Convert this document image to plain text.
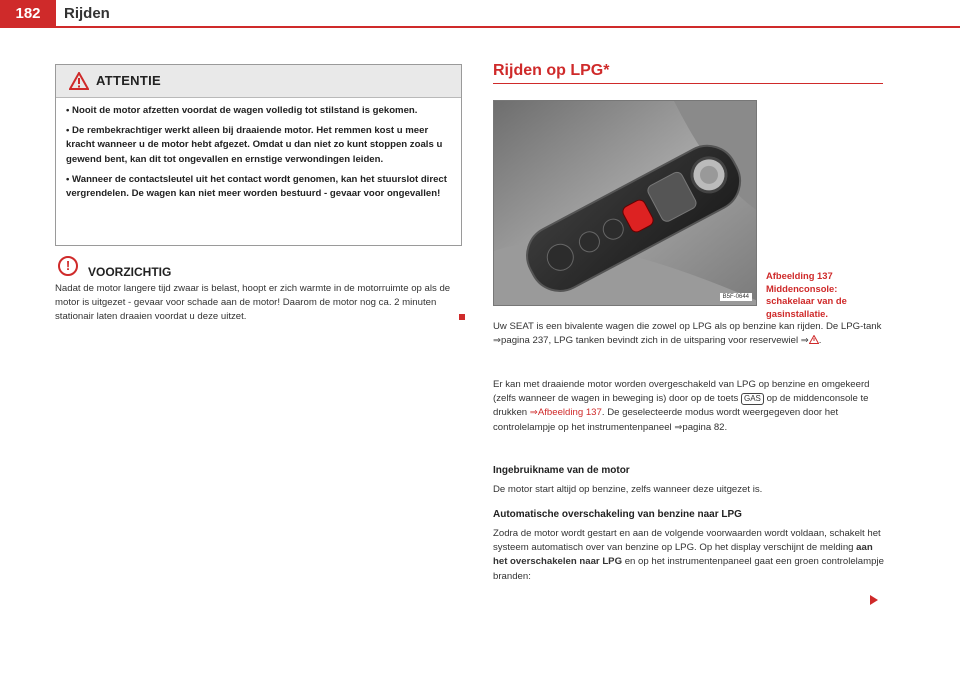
182	Rijden
ATTENTIE
• Nooit de motor afzetten voordat de wagen volledig tot stilstand is gekomen.
• De rembekrachtiger werkt alleen bij draaiende motor. Het remmen kost u meer kracht wanneer u de motor hebt afgezet. Omdat u dan niet zo kunt stoppen zoals u gewend bent, kan dit tot ongevallen en ernstige verwondingen leiden.
• Wanneer de contactsleutel uit het contact wordt genomen, kan het stuurslot direct vergrendelen. De wagen kan niet meer worden bestuurd - gevaar voor ongevallen!
!	VOORZICHTIG
Nadat de motor langere tijd zwaar is belast, hoopt er zich warmte in de motorruimte op als de motor is uitgezet - gevaar voor schade aan de motor! Daarom de motor nog ca. 2 minuten stationair laten draaien voordat u deze uitzet.
Rijden op LPG*
B5F-0644
Afbeelding 137 Middenconsole: schakelaar van de gasinstallatie.
Uw SEAT is een bivalente wagen die zowel op LPG als op benzine kan rijden. De LPG-tank ⇒pagina 237, LPG tanken bevindt zich in de uitsparing voor reservewiel ⇒ .
Er kan met draaiende motor worden overgeschakeld van LPG op benzine en omgekeerd (zelfs wanneer de wagen in beweging is) door op de toets GAS op de middenconsole te drukken ⇒Afbeelding 137. De geselecteerde modus wordt weergegeven door het controlelampje op het instrumentenpaneel ⇒pagina 82.
Ingebruikname van de motor
De motor start altijd op benzine, zelfs wanneer deze uitgezet is.
Automatische overschakeling van benzine naar LPG
Zodra de motor wordt gestart en aan de volgende voorwaarden wordt voldaan, schakelt het systeem automatisch over van benzine op LPG. Op het display verschijnt de melding aan het overschakelen naar LPG en op het instrumentenpaneel gaat een groen controlelampje branden:
